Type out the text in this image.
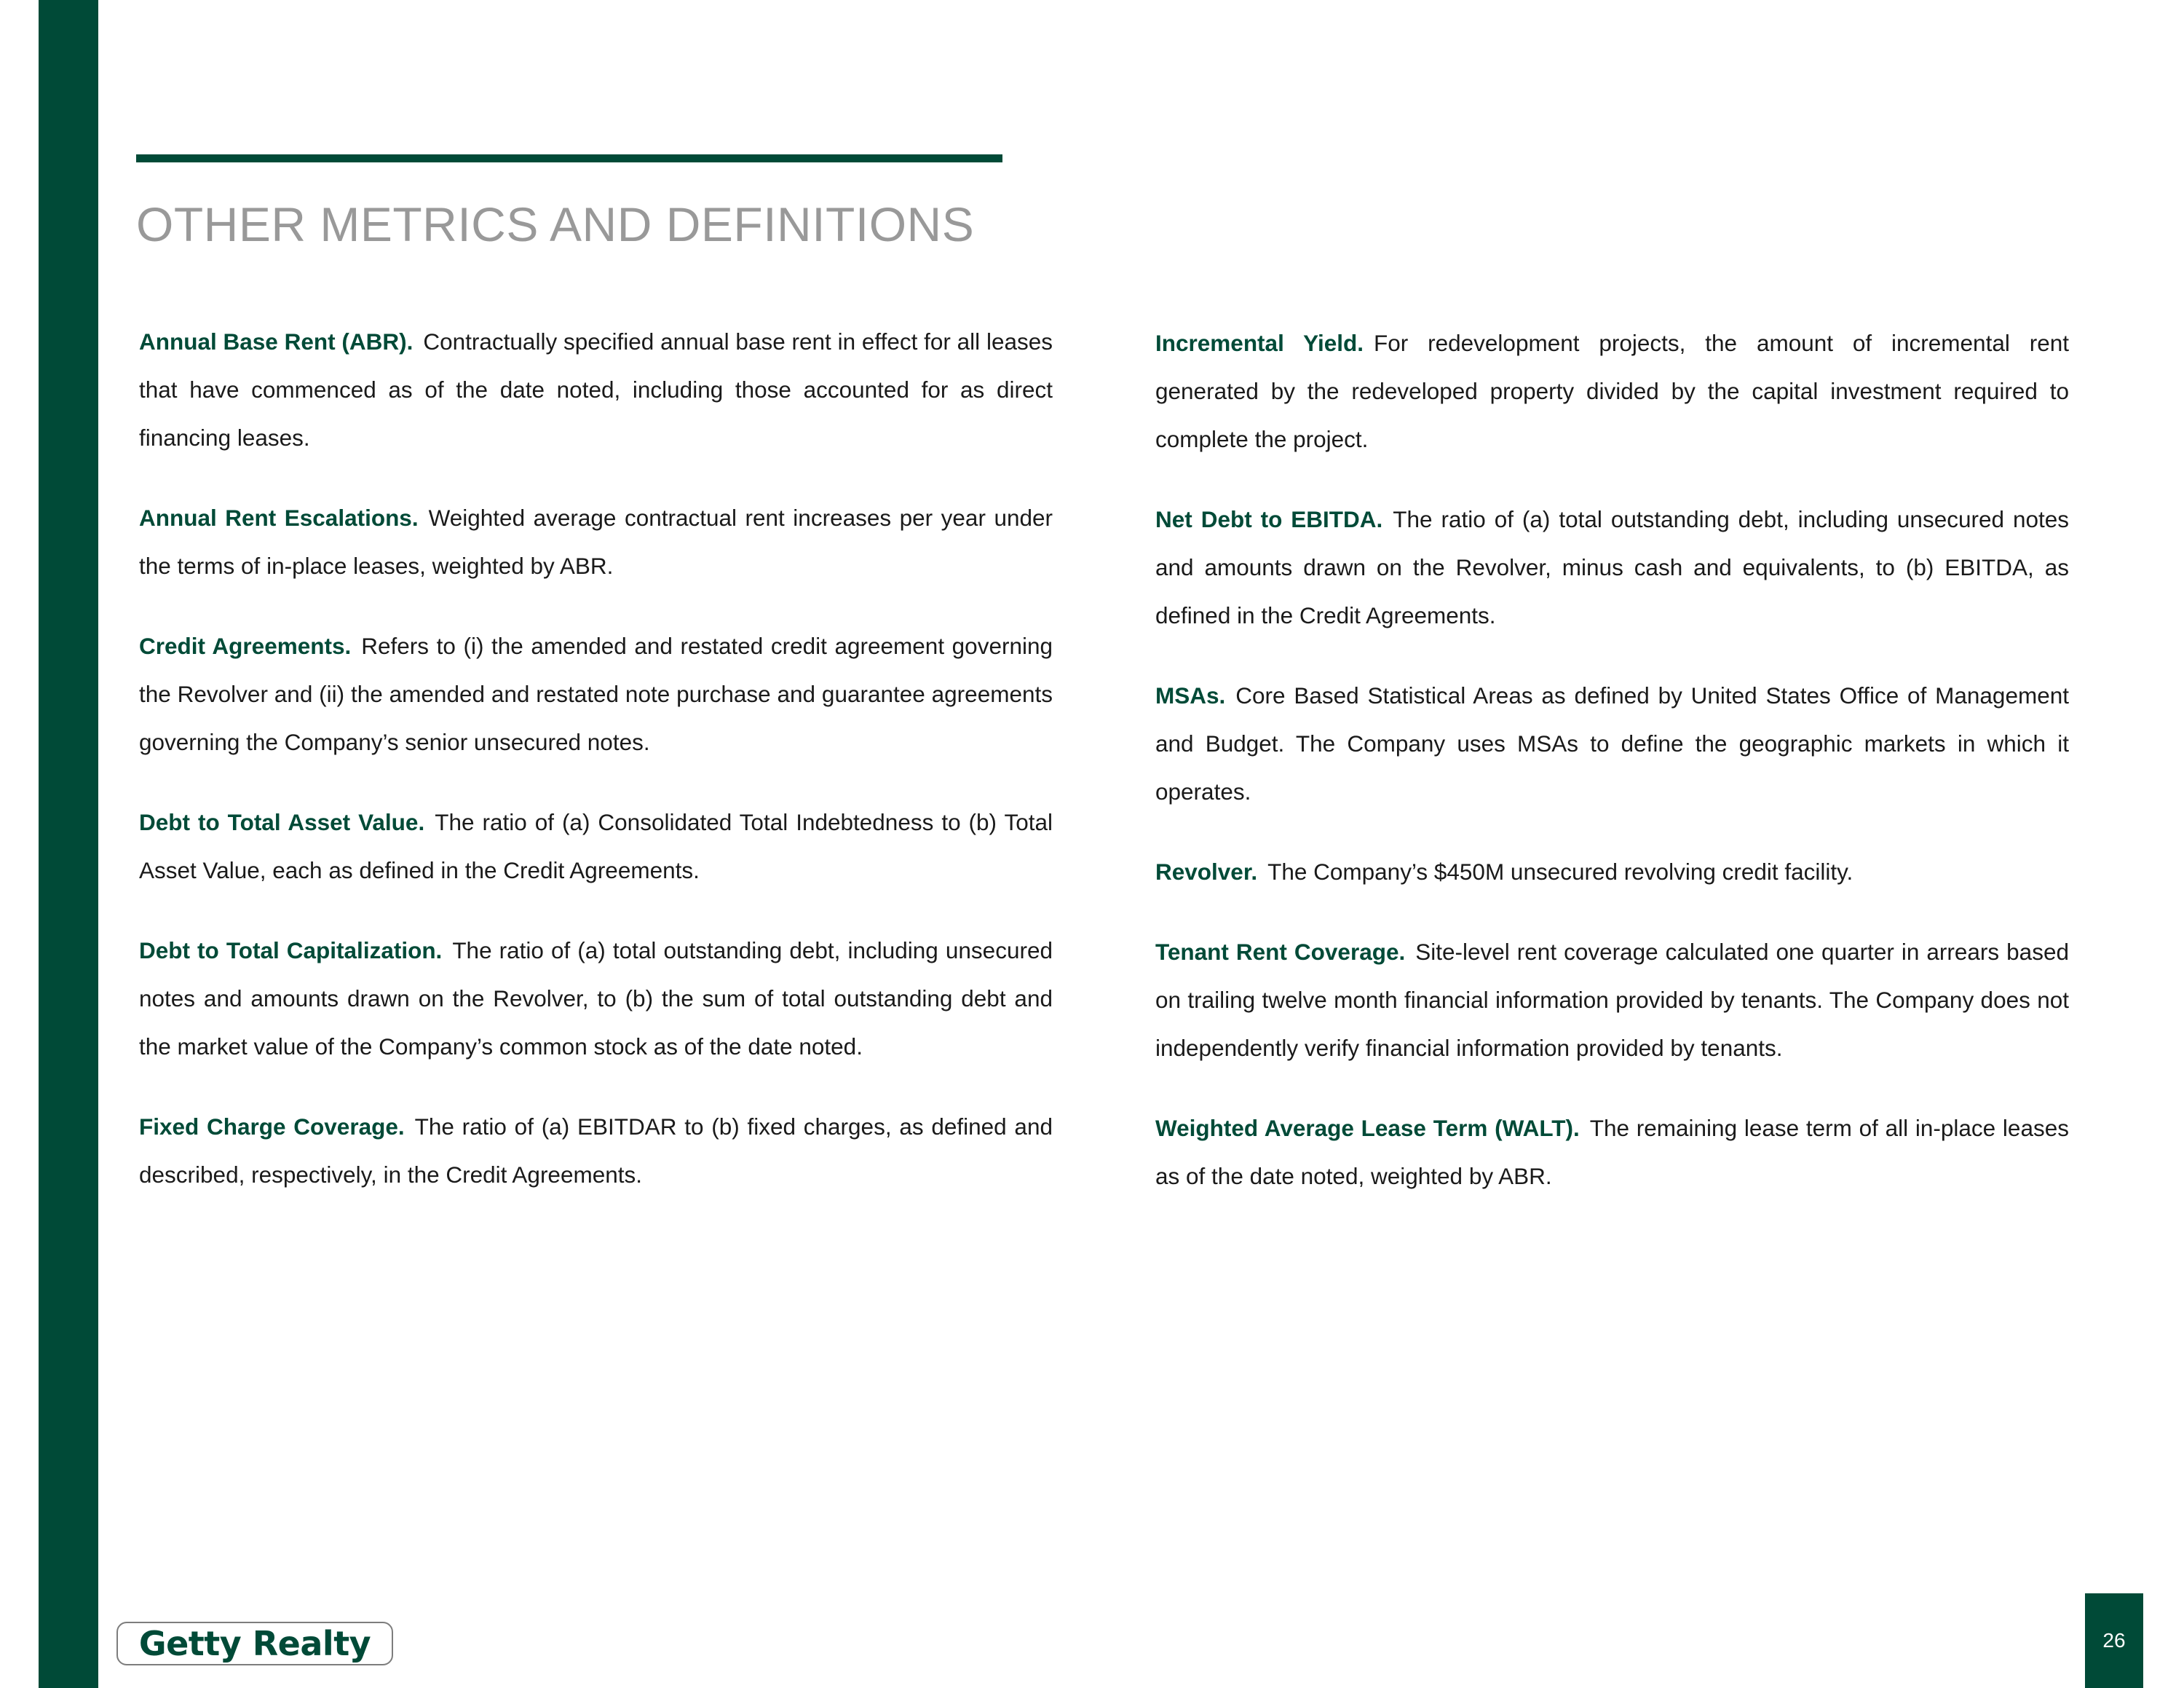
OTHER METRICS AND DEFINITIONS

Annual Base Rent (ABR). Contractually specified annual base rent in effect for all leases that have commenced as of the date noted, including those accounted for as direct financing leases.

Annual Rent Escalations. Weighted average contractual rent increases per year under the terms of in-place leases, weighted by ABR.

Credit Agreements. Refers to (i) the amended and restated credit agreement governing the Revolver and (ii) the amended and restated note purchase and guarantee agreements governing the Company’s senior unsecured notes.

Debt to Total Asset Value. The ratio of (a) Consolidated Total Indebtedness to (b) Total Asset Value, each as defined in the Credit Agreements.

Debt to Total Capitalization. The ratio of (a) total outstanding debt, including unsecured notes and amounts drawn on the Revolver, to (b) the sum of total outstanding debt and the market value of the Company’s common stock as of the date noted.

Fixed Charge Coverage. The ratio of (a) EBITDAR to (b) fixed charges, as defined and described, respectively, in the Credit Agreements.

Incremental Yield. For redevelopment projects, the amount of incremental rent generated by the redeveloped property divided by the capital investment required to complete the project.

Net Debt to EBITDA. The ratio of (a) total outstanding debt, including unsecured notes and amounts drawn on the Revolver, minus cash and equivalents, to (b) EBITDA, as defined in the Credit Agreements.

MSAs. Core Based Statistical Areas as defined by United States Office of Management and Budget. The Company uses MSAs to define the geographic markets in which it operates.

Revolver. The Company’s $450M unsecured revolving credit facility.

Tenant Rent Coverage. Site-level rent coverage calculated one quarter in arrears based on trailing twelve month financial information provided by tenants. The Company does not independently verify financial information provided by tenants.

Weighted Average Lease Term (WALT). The remaining lease term of all in-place leases as of the date noted, weighted by ABR.

Getty Realty	26
